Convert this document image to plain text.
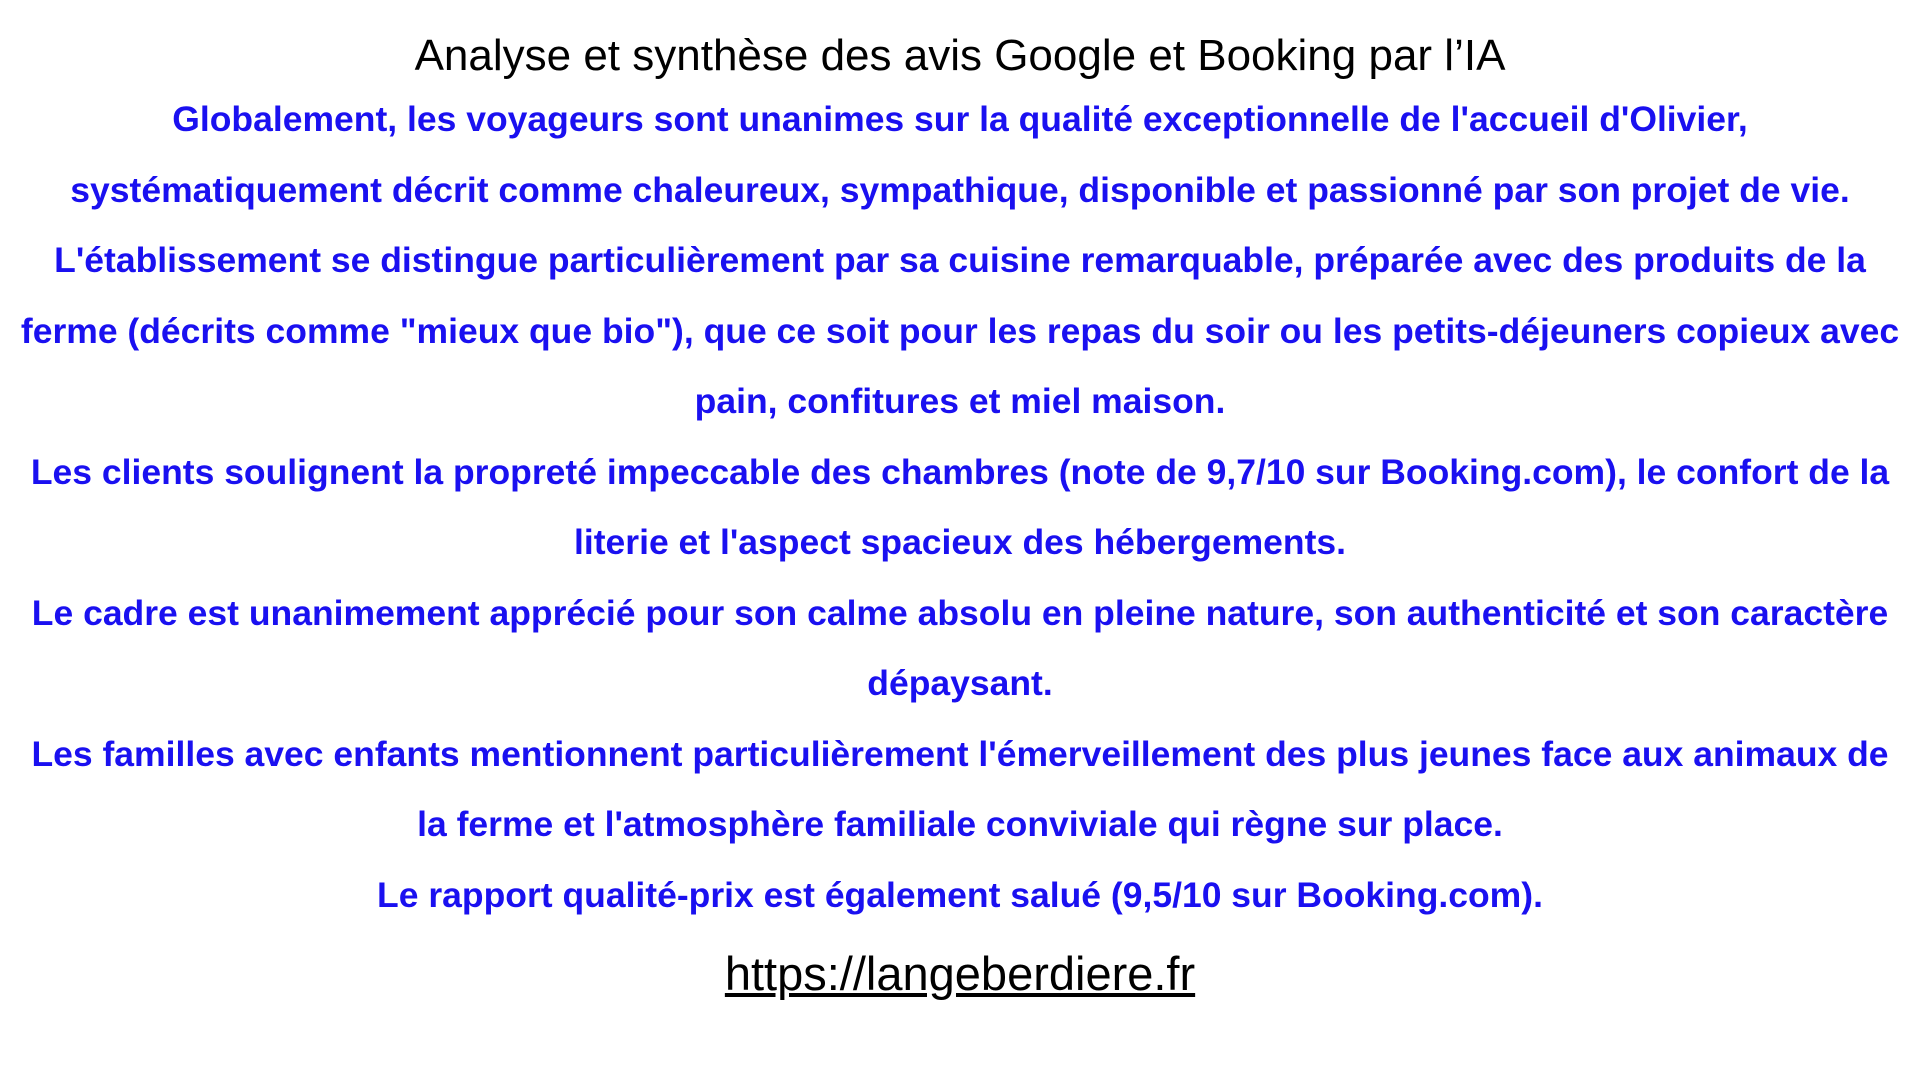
Analyse et synthèse des avis Google et Booking par l’IA

Globalement, les voyageurs sont unanimes sur la qualité exceptionnelle de l'accueil d'Olivier, systématiquement décrit comme chaleureux, sympathique, disponible et passionné par son projet de vie.

L'établissement se distingue particulièrement par sa cuisine remarquable, préparée avec des produits de la ferme (décrits comme "mieux que bio"), que ce soit pour les repas du soir ou les petits-déjeuners copieux avec pain, confitures et miel maison.

Les clients soulignent la propreté impeccable des chambres (note de 9,7/10 sur Booking.com), le confort de la literie et l'aspect spacieux des hébergements.

Le cadre est unanimement apprécié pour son calme absolu en pleine nature, son authenticité et son caractère dépaysant.

Les familles avec enfants mentionnent particulièrement l'émerveillement des plus jeunes face aux animaux de la ferme et l'atmosphère familiale conviviale qui règne sur place.

Le rapport qualité-prix est également salué (9,5/10 sur Booking.com).

https://langeberdiere.fr
